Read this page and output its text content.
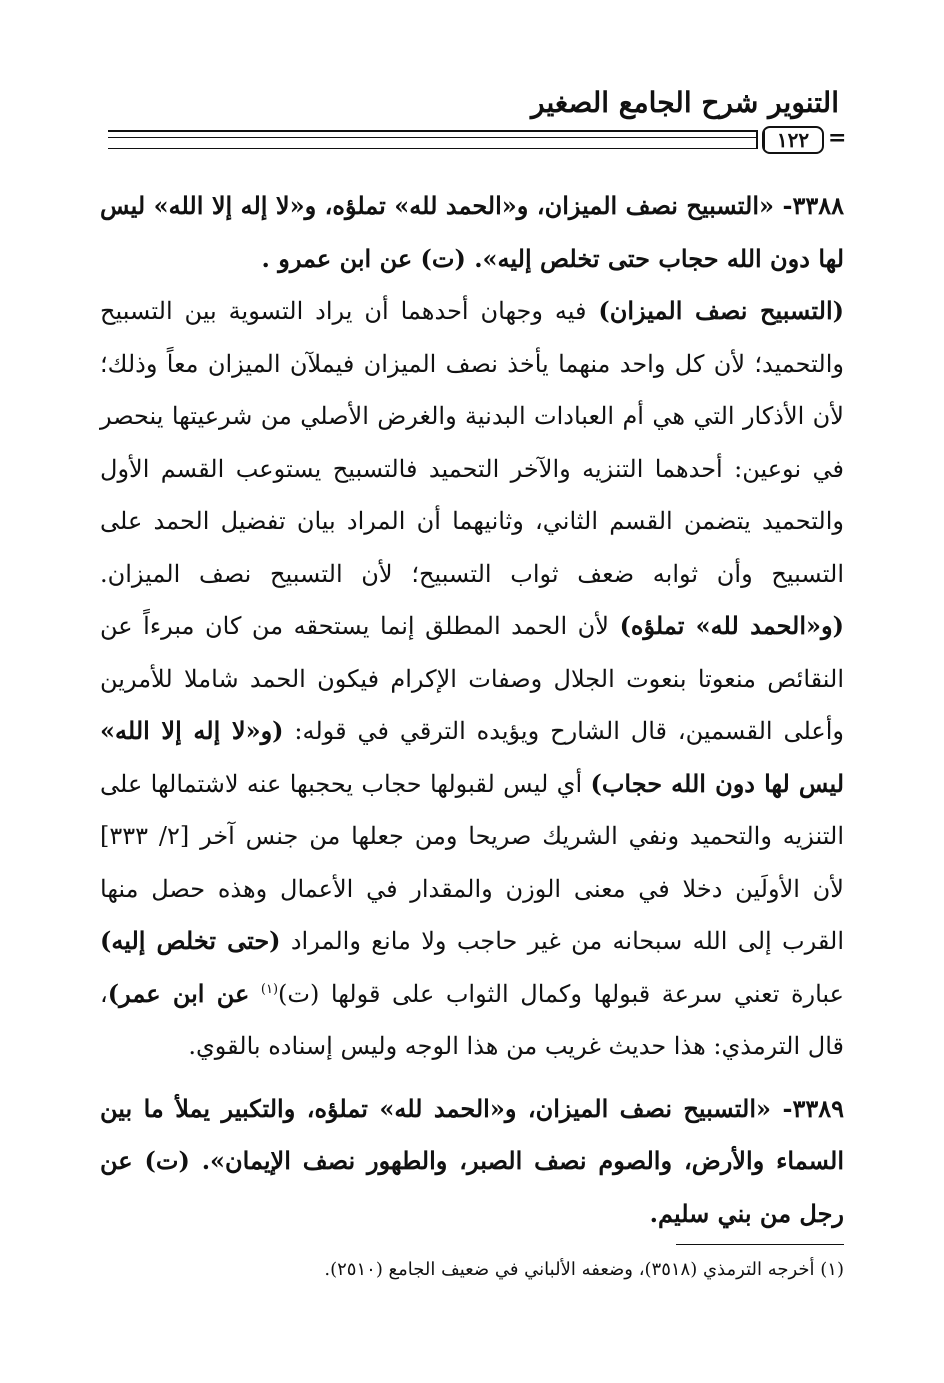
التنوير شرح الجامع الصغير
=
١٢٢

٣٣٨٨- «التسبيح نصف الميزان، و«الحمد لله» تملؤه، و«لا إله إلا الله» ليس لها دون الله حجاب حتى تخلص إليه». (ت) عن ابن عمرو .

(التسبيح نصف الميزان) فيه وجهان أحدهما أن يراد التسوية بين التسبيح والتحميد؛ لأن كل واحد منهما يأخذ نصف الميزان فيملآن الميزان معاً وذلك؛ لأن الأذكار التي هي أم العبادات البدنية والغرض الأصلي من شرعيتها ينحصر في نوعين: أحدهما التنزيه والآخر التحميد فالتسبيح يستوعب القسم الأول والتحميد يتضمن القسم الثاني، وثانيهما أن المراد بيان تفضيل الحمد على التسبيح وأن ثوابه ضعف ثواب التسبيح؛ لأن التسبيح نصف الميزان. (و«الحمد لله» تملؤه) لأن الحمد المطلق إنما يستحقه من كان مبرءاً عن النقائص منعوتا بنعوت الجلال وصفات الإكرام فيكون الحمد شاملا للأمرين وأعلى القسمين، قال الشارح ويؤيده الترقي في قوله: (و«لا إله إلا الله» ليس لها دون الله حجاب) أي ليس لقبولها حجاب يحجبها عنه لاشتمالها على التنزيه والتحميد ونفي الشريك صريحا ومن جعلها من جنس آخر [٢/ ٣٣٣] لأن الأولَين دخلا في معنى الوزن والمقدار في الأعمال وهذه حصل منها القرب إلى الله سبحانه من غير حاجب ولا مانع والمراد (حتى تخلص إليه) عبارة تعني سرعة قبولها وكمال الثواب على قولها (ت)$^{(١)}$ عن ابن عمر)، قال الترمذي: هذا حديث غريب من هذا الوجه وليس إسناده بالقوي.

٣٣٨٩- «التسبيح نصف الميزان، و«الحمد لله» تملؤه، والتكبير يملأ ما بين السماء والأرض، والصوم نصف الصبر، والطهور نصف الإيمان». (ت) عن رجل من بني سليم.

(١) أخرجه الترمذي (٣٥١٨)، وضعفه الألباني في ضعيف الجامع (٢٥١٠).
